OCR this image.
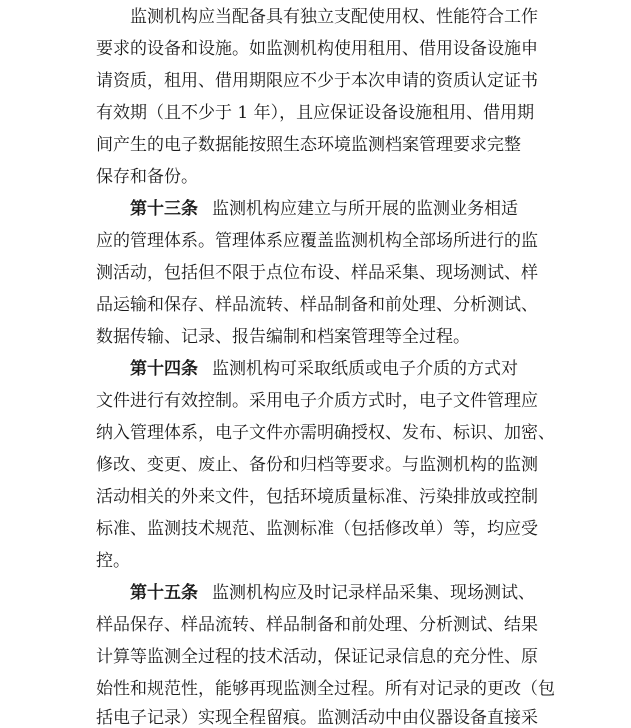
　　监测机构应当配备具有独立支配使用权、性能符合工作
要求的设备和设施。如监测机构使用租用、借用设备设施申
请资质，租用、借用期限应不少于本次申请的资质认定证书
有效期（且不少于 1 年），且应保证设备设施租用、借用期
间产生的电子数据能按照生态环境监测档案管理要求完整
保存和备份。
　　第十三条 监测机构应建立与所开展的监测业务相适
应的管理体系。管理体系应覆盖监测机构全部场所进行的监
测活动，包括但不限于点位布设、样品采集、现场测试、样
品运输和保存、样品流转、样品制备和前处理、分析测试、
数据传输、记录、报告编制和档案管理等全过程。
　　第十四条 监测机构可采取纸质或电子介质的方式对
文件进行有效控制。采用电子介质方式时，电子文件管理应
纳入管理体系，电子文件亦需明确授权、发布、标识、加密、
修改、变更、废止、备份和归档等要求。与监测机构的监测
活动相关的外来文件，包括环境质量标准、污染排放或控制
标准、监测技术规范、监测标准（包括修改单）等，均应受
控。
　　第十五条 监测机构应及时记录样品采集、现场测试、
样品保存、样品流转、样品制备和前处理、分析测试、结果
计算等监测全过程的技术活动，保证记录信息的充分性、原
始性和规范性，能够再现监测全过程。所有对记录的更改（包
括电子记录）实现全程留痕。监测活动中由仪器设备直接采
